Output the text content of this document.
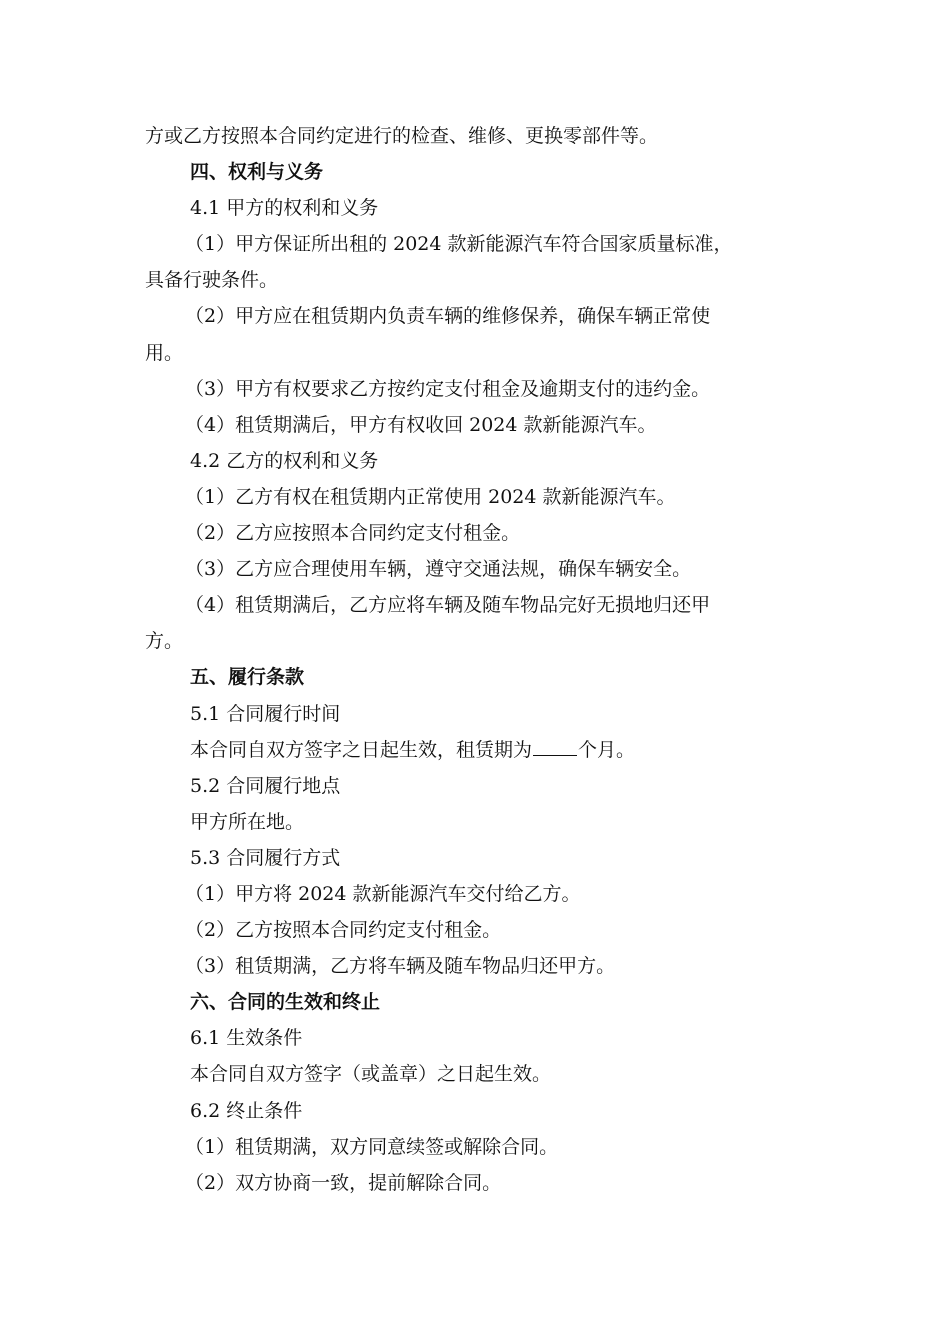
方或乙方按照本合同约定进行的检查、维修、更换零部件等。
四、权利与义务
4.1 甲方的权利和义务
（1）甲方保证所出租的 2024 款新能源汽车符合国家质量标准，
具备行驶条件。
（2）甲方应在租赁期内负责车辆的维修保养，确保车辆正常使
用。
（3）甲方有权要求乙方按约定支付租金及逾期支付的违约金。
（4）租赁期满后，甲方有权收回 2024 款新能源汽车。
4.2 乙方的权利和义务
（1）乙方有权在租赁期内正常使用 2024 款新能源汽车。
（2）乙方应按照本合同约定支付租金。
（3）乙方应合理使用车辆，遵守交通法规，确保车辆安全。
（4）租赁期满后，乙方应将车辆及随车物品完好无损地归还甲
方。
五、履行条款
5.1 合同履行时间
本合同自双方签字之日起生效，租赁期为 个月。
5.2 合同履行地点
甲方所在地。
5.3 合同履行方式
（1）甲方将 2024 款新能源汽车交付给乙方。
（2）乙方按照本合同约定支付租金。
（3）租赁期满，乙方将车辆及随车物品归还甲方。
六、合同的生效和终止
6.1 生效条件
本合同自双方签字（或盖章）之日起生效。
6.2 终止条件
（1）租赁期满，双方同意续签或解除合同。
（2）双方协商一致，提前解除合同。
